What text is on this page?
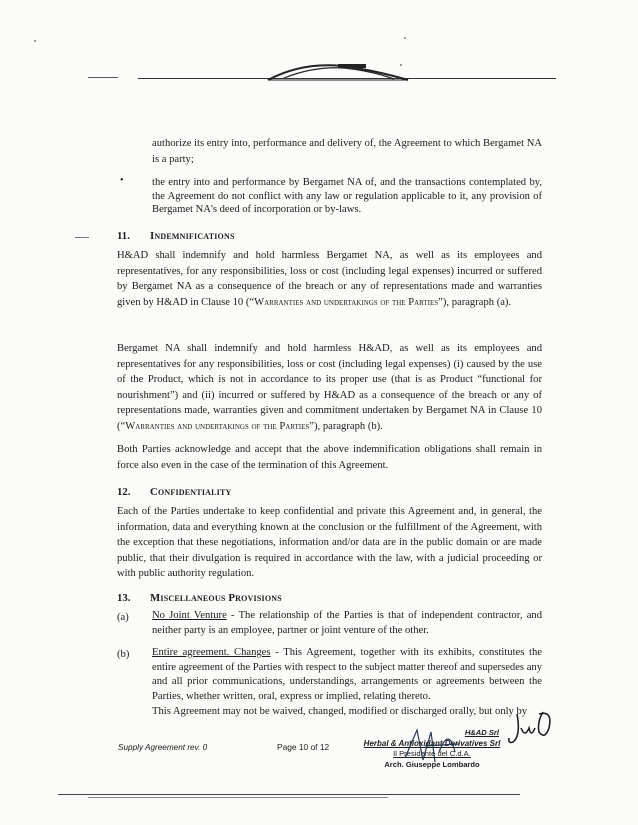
authorize its entry into, performance and delivery of, the Agreement to which Bergamet NA is a party;

•	the entry into and performance by Bergamet NA of, and the transactions contemplated by, the Agreement do not conflict with any law or regulation applicable to it, any provision of Bergamet NA's deed of incorporation or by-laws.

11. Indemnifications

H&AD shall indemnify and hold harmless Bergamet NA, as well as its employees and representatives, for any responsibilities, loss or cost (including legal expenses) incurred or suffered by Bergamet NA as a consequence of the breach or any of representations made and warranties given by H&AD in Clause 10 (“Warranties and undertakings of the Parties”), paragraph (a).

Bergamet NA shall indemnify and hold harmless H&AD, as well as its employees and representatives for any responsibilities, loss or cost (including legal expenses) (i) caused by the use of the Product, which is not in accordance to its proper use (that is as Product “functional for nourishment”) and (ii) incurred or suffered by H&AD as a consequence of the breach or any of representations made, warranties given and commitment undertaken by Bergamet NA in Clause 10 (“Warranties and undertakings of the Parties”), paragraph (b).

Both Parties acknowledge and accept that the above indemnification obligations shall remain in force also even in the case of the termination of this Agreement.

12. Confidentiality

Each of the Parties undertake to keep confidential and private this Agreement and, in general, the information, data and everything known at the conclusion or the fulfillment of the Agreement, with the exception that these negotiations, information and/or data are in the public domain or are made public, that their divulgation is required in accordance with the law, with a judicial proceeding or with public authority regulation.

13. Miscellaneous Provisions
(a) No Joint Venture - The relationship of the Parties is that of independent contractor, and neither party is an employee, partner or joint venture of the other.

(b) Entire agreement. Changes - This Agreement, together with its exhibits, constitutes the entire agreement of the Parties with respect to the subject matter thereof and supersedes any and all prior communications, understandings, arrangements or agreements between the Parties, whether written, oral, express or implied, relating thereto.

This Agreement may not be waived, changed, modified or discharged orally, but only by

Supply Agreement rev. 0	Page 10 of 12
H&AD Srl
Herbal & Antioxidant Derivatives Srl
Il Presidente del C.d.A.
Arch. Giuseppe Lombardo
